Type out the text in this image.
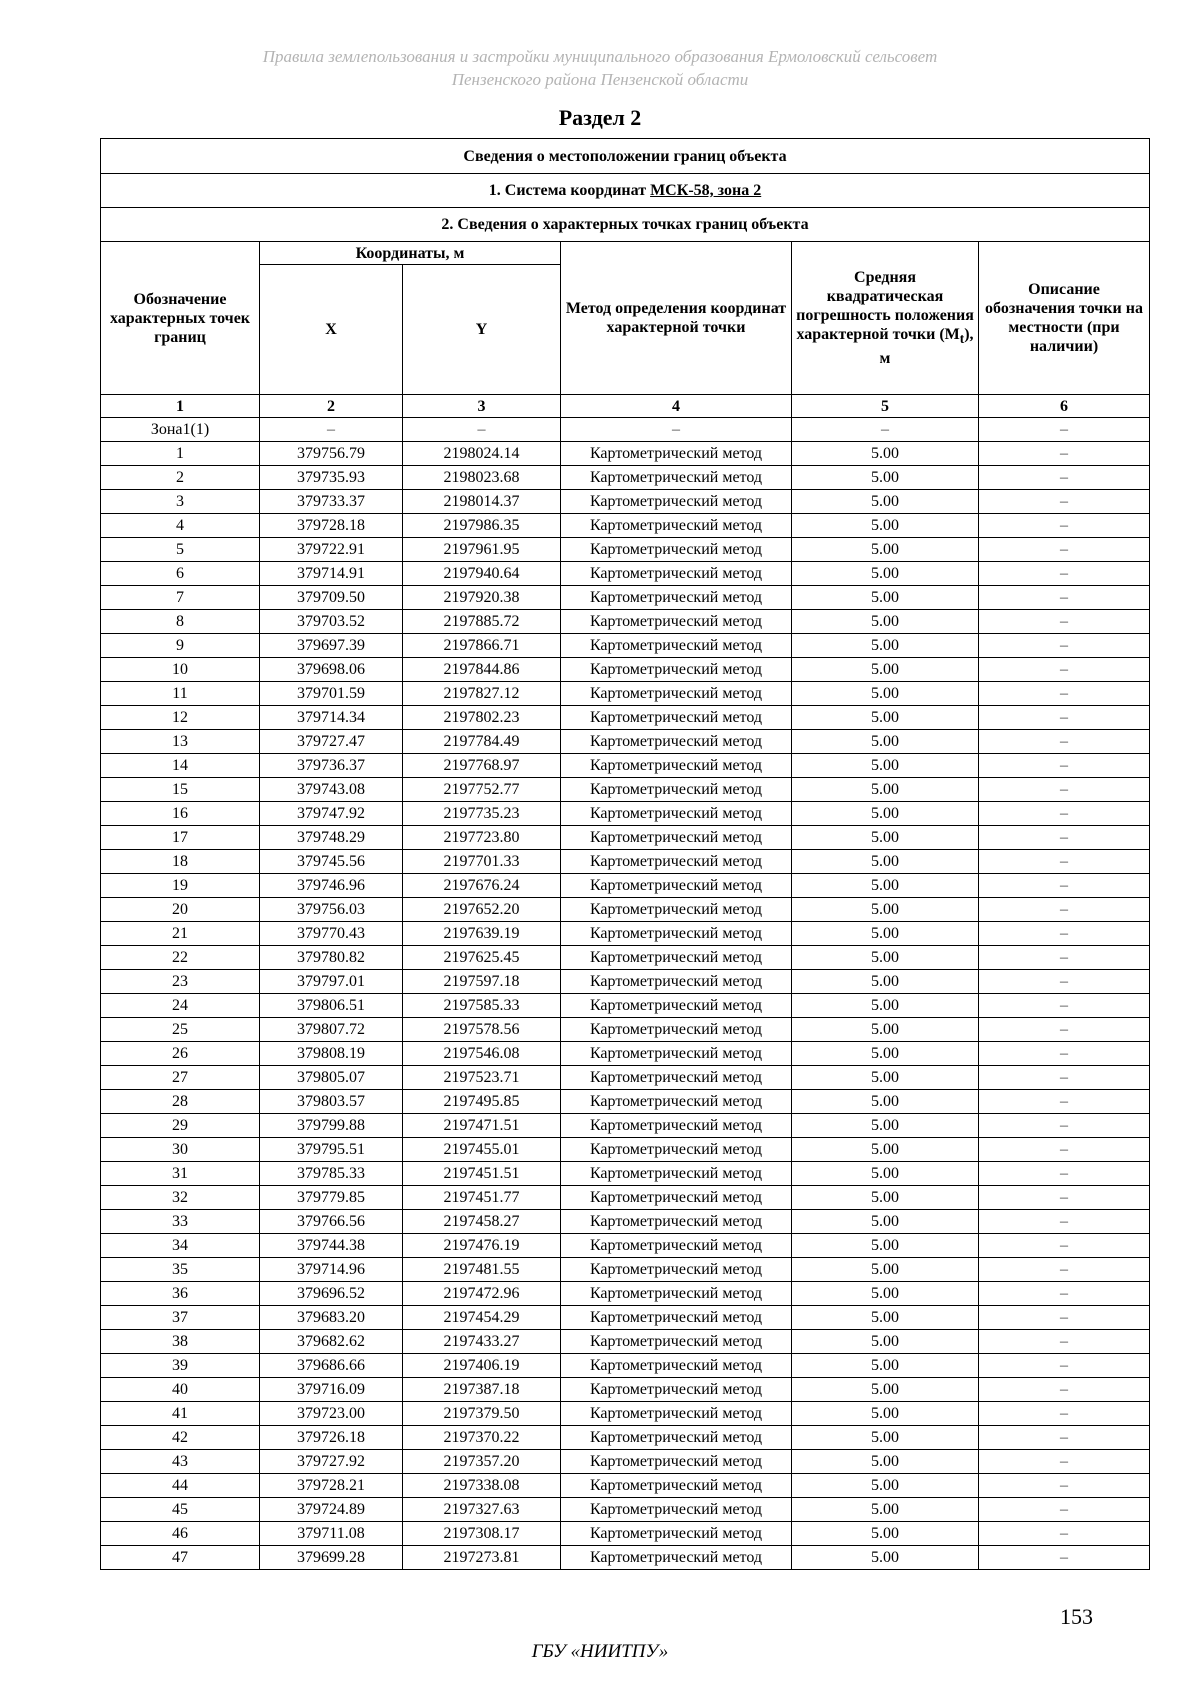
Правила землепользования и застройки муниципального образования Ермоловский сельсовет
Пензенского района Пензенской области
Раздел 2
Сведения о местоположении границ объекта					
1. Система координат МСК-58, зона 2					
2. Сведения о характерных точках границ объекта					
Обозначение характерных точек границ	Координаты, м		Метод определения координат характерной точки	Средняя квадратическая погрешность положения характерной точки $(M_t)$, м	Описание обозначения точки на местности (при наличии)
	X	Y			
1	2	3	4	5	6
Зона1(1)	–	–	–	–	–
1	379756.79	2198024.14	Картометрический метод	5.00	–
2	379735.93	2198023.68	Картометрический метод	5.00	–
3	379733.37	2198014.37	Картометрический метод	5.00	–
4	379728.18	2197986.35	Картометрический метод	5.00	–
5	379722.91	2197961.95	Картометрический метод	5.00	–
6	379714.91	2197940.64	Картометрический метод	5.00	–
7	379709.50	2197920.38	Картометрический метод	5.00	–
8	379703.52	2197885.72	Картометрический метод	5.00	–
9	379697.39	2197866.71	Картометрический метод	5.00	–
10	379698.06	2197844.86	Картометрический метод	5.00	–
11	379701.59	2197827.12	Картометрический метод	5.00	–
12	379714.34	2197802.23	Картометрический метод	5.00	–
13	379727.47	2197784.49	Картометрический метод	5.00	–
14	379736.37	2197768.97	Картометрический метод	5.00	–
15	379743.08	2197752.77	Картометрический метод	5.00	–
16	379747.92	2197735.23	Картометрический метод	5.00	–
17	379748.29	2197723.80	Картометрический метод	5.00	–
18	379745.56	2197701.33	Картометрический метод	5.00	–
19	379746.96	2197676.24	Картометрический метод	5.00	–
20	379756.03	2197652.20	Картометрический метод	5.00	–
21	379770.43	2197639.19	Картометрический метод	5.00	–
22	379780.82	2197625.45	Картометрический метод	5.00	–
23	379797.01	2197597.18	Картометрический метод	5.00	–
24	379806.51	2197585.33	Картометрический метод	5.00	–
25	379807.72	2197578.56	Картометрический метод	5.00	–
26	379808.19	2197546.08	Картометрический метод	5.00	–
27	379805.07	2197523.71	Картометрический метод	5.00	–
28	379803.57	2197495.85	Картометрический метод	5.00	–
29	379799.88	2197471.51	Картометрический метод	5.00	–
30	379795.51	2197455.01	Картометрический метод	5.00	–
31	379785.33	2197451.51	Картометрический метод	5.00	–
32	379779.85	2197451.77	Картометрический метод	5.00	–
33	379766.56	2197458.27	Картометрический метод	5.00	–
34	379744.38	2197476.19	Картометрический метод	5.00	–
35	379714.96	2197481.55	Картометрический метод	5.00	–
36	379696.52	2197472.96	Картометрический метод	5.00	–
37	379683.20	2197454.29	Картометрический метод	5.00	–
38	379682.62	2197433.27	Картометрический метод	5.00	–
39	379686.66	2197406.19	Картометрический метод	5.00	–
40	379716.09	2197387.18	Картометрический метод	5.00	–
41	379723.00	2197379.50	Картометрический метод	5.00	–
42	379726.18	2197370.22	Картометрический метод	5.00	–
43	379727.92	2197357.20	Картометрический метод	5.00	–
44	379728.21	2197338.08	Картометрический метод	5.00	–
45	379724.89	2197327.63	Картометрический метод	5.00	–
46	379711.08	2197308.17	Картометрический метод	5.00	–
47	379699.28	2197273.81	Картометрический метод	5.00	–
153
ГБУ «НИИТПУ»
